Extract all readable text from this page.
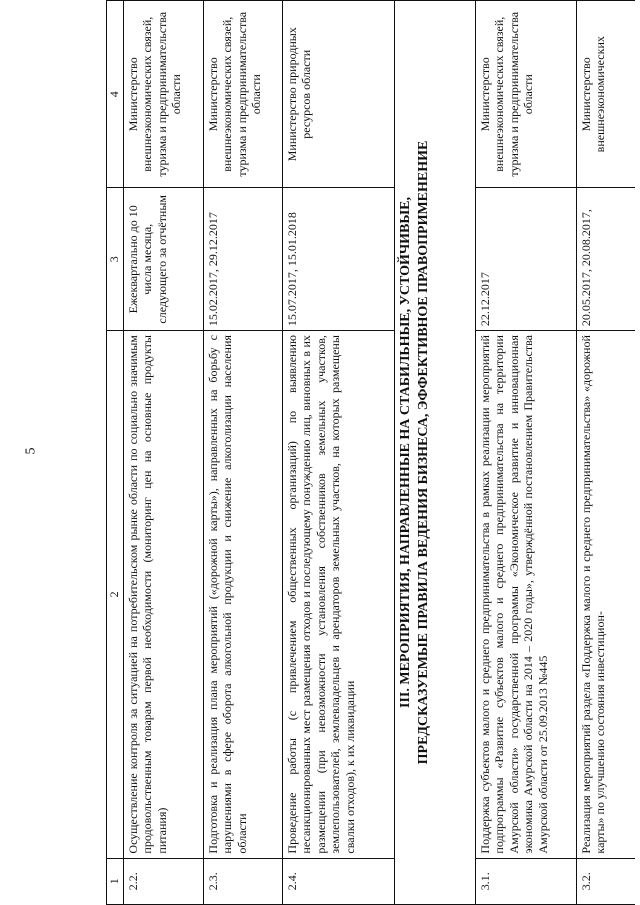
5
1	2	3	4
2.2.	Осуществление контроля за ситуацией на потребительском рынке области по социально значимым продовольственным товарам первой необходимости (мониторинг цен на основные продукты питания)	Ежеквартально до 10 числа месяца, следующего за отчётным	Министерство внешнеэкономических связей, туризма и предпринимательства области
2.3.	Подготовка и реализация плана мероприятий («дорожной карты»), направленных на борьбу с нарушениями в сфере оборота алкогольной продукции и снижение алкоголизации населения области	15.02.2017, 29.12.2017	Министерство внешнеэкономических связей, туризма и предпринимательства области
2.4.	Проведение работы (с привлечением общественных организаций) по выявлению несанкционированных мест размещения отходов и последующему понуждению лиц, виновных в их размещении (при невозможности установления собственников земельных участков, землепользователей, землевладельцев и арендаторов земельных участков, на которых размещены свалки отходов), к их ликвидации	15.07.2017, 15.01.2018	Министерство природных ресурсов области

III. МЕРОПРИЯТИЯ, НАПРАВЛЕННЫЕ НА СТАБИЛЬНЫЕ, УСТОЙЧИВЫЕ, ПРЕДСКАЗУЕМЫЕ ПРАВИЛА ВЕДЕНИЯ БИЗНЕСА, ЭФФЕКТИВНОЕ ПРАВОПРИМЕНЕНИЕ			

3.1.	Поддержка субъектов малого и среднего предпринимательства в рамках реализации мероприятий подпрограммы «Развитие субъектов малого и среднего предпринимательства на территории Амурской области» государственной программы «Экономическое развитие и инновационная экономика Амурской области на 2014 – 2020 годы», утверждённой постановлением Правительства Амурской области от 25.09.2013 №445	22.12.2017	Министерство внешнеэкономических связей, туризма и предпринимательства области
3.2.	Реализация мероприятий раздела «Поддержка малого и среднего предпринимательства» «дорожной карты» по улучшению состояния инвестицион-	20.05.2017, 20.08.2017,	Министерство внешнеэкономических
